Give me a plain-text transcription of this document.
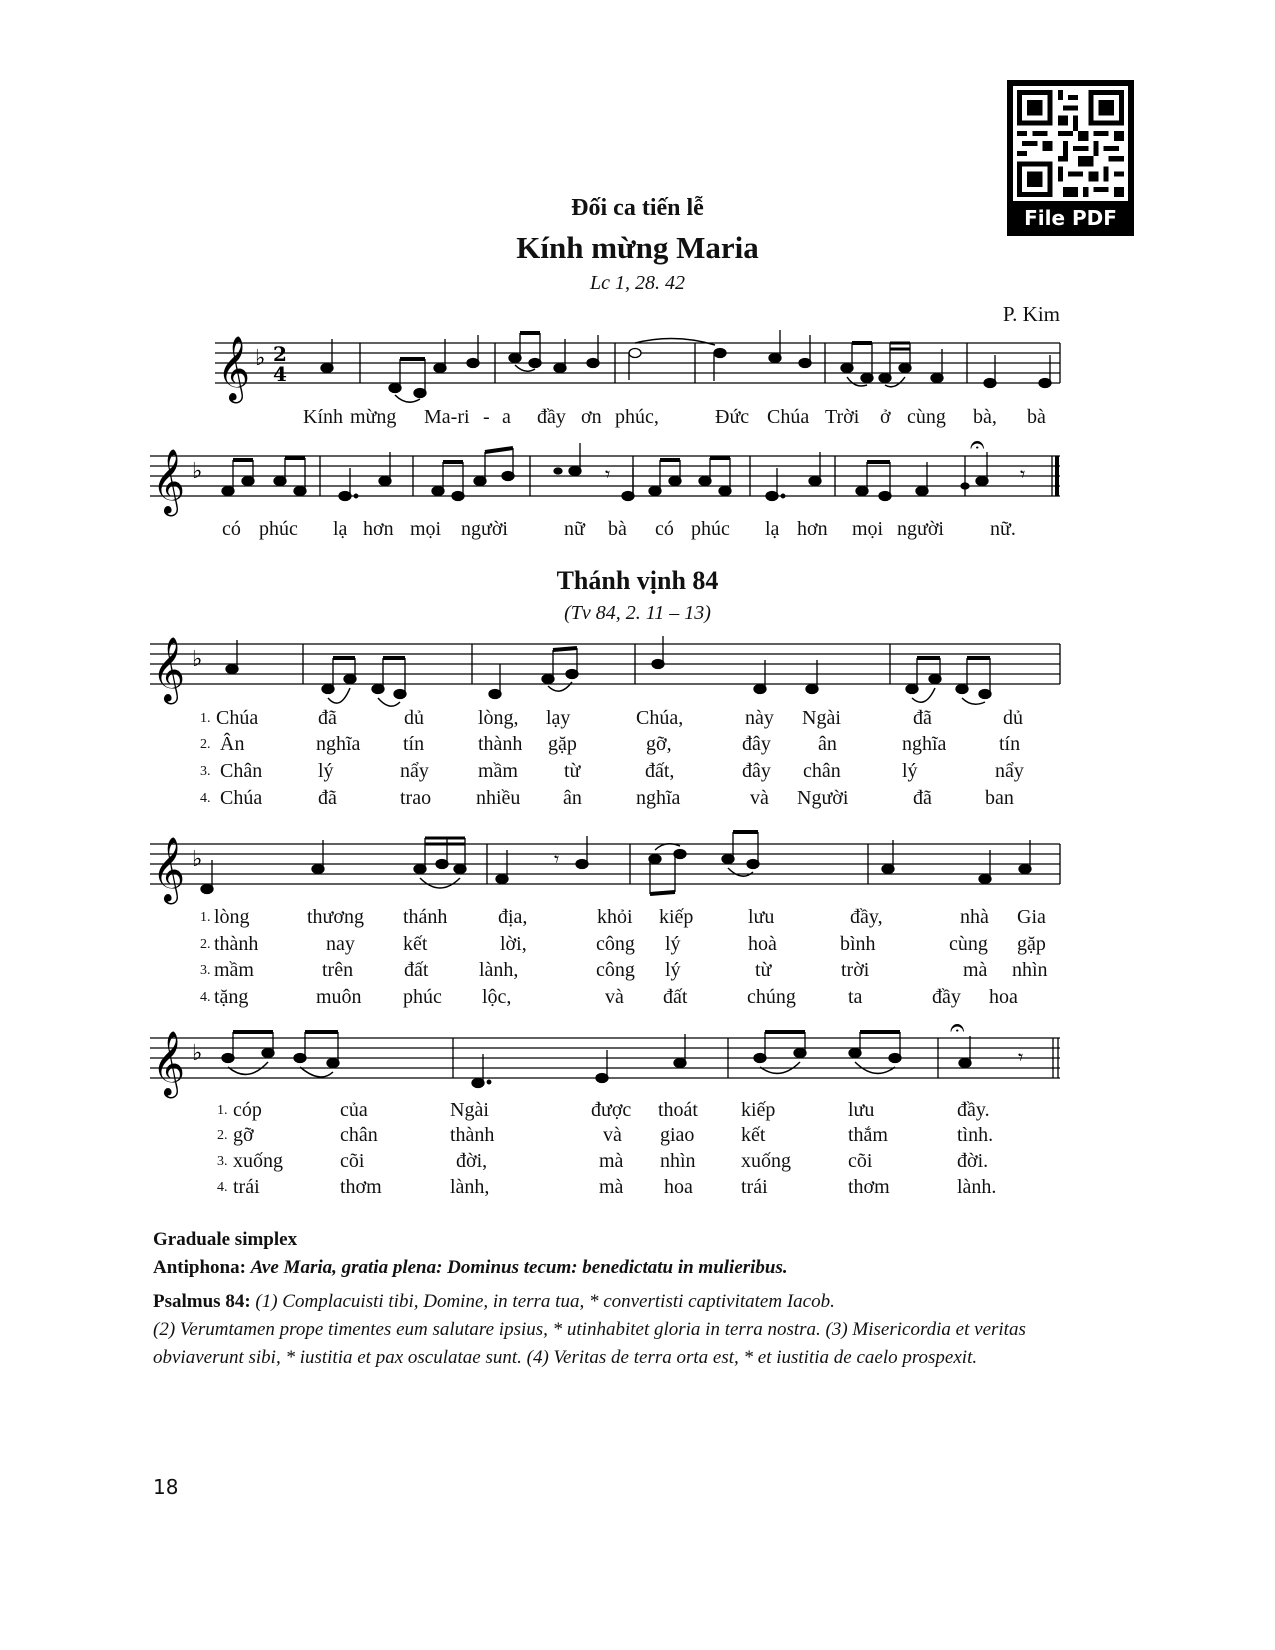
File PDF
Đối ca tiến lễ
Kính mừng Maria
Lc 1, 28. 42
P. Kim
𝄞 ♭ 2
4
Kính mừng Ma-ri - a đầy ơn phúc,	Đức Chúa Trời ở cùng bà, bà
𝄞 ♭
𝄐
𝄾
𝄾
có phúc lạ hơn mọi người	nữ bà có phúc lạ hơn mọi người nữ.
Thánh vịnh 84
(Tv 84, 2. 11 – 13)
𝄞 ♭
1. Chúa	đã	dủ	lòng, lạy	Chúa,	này Ngài	đã	dủ
2. Ân	nghĩa tín	thành gặp	gỡ,	đây ân	nghĩa	tín
3. Chân	lý	nẩy mầm từ	đất,	đây chân	lý	nẩy
4. Chúa	đã	trao nhiều ân	nghĩa	và Người	đã	ban
𝄞 ♭	𝄾
1. lòng	thương thánh	địa,	khỏi kiếp	lưu	đầy,	nhà Gia
2. thành	nay kết	lời,	công lý	hoà	bình	cùng gặp
3. mầm	trên	đất	lành,	công lý	từ	trời	mà nhìn
4. tặng	muôn phúc lộc,	và đất	chúng	ta	đầy hoa
𝄞 ♭
𝄐
𝄾
1. cóp	của	Ngài	được thoát kiếp	lưu	đầy.
2. gỡ	chân	thành	và giao kết	thắm	tình.
3. xuống	cõi	đời,	mà nhìn xuống	cõi	đời.
4. trái	thơm	lành,	mà hoa trái	thơm	lành.
Graduale simplex
Antiphona: Ave Maria, gratia plena: Dominus tecum: benedictatu in mulieribus.
Psalmus 84: (1) Complacuisti tibi, Domine, in terra tua, * convertisti captivitatem Iacob.
(2) Verumtamen prope timentes eum salutare ipsius, * utinhabitet gloria in terra nostra. (3) Misericordia et veritas obviaverunt sibi, * iustitia et pax osculatae sunt. (4) Veritas de terra orta est, * et iustitia de caelo prospexit.
18
